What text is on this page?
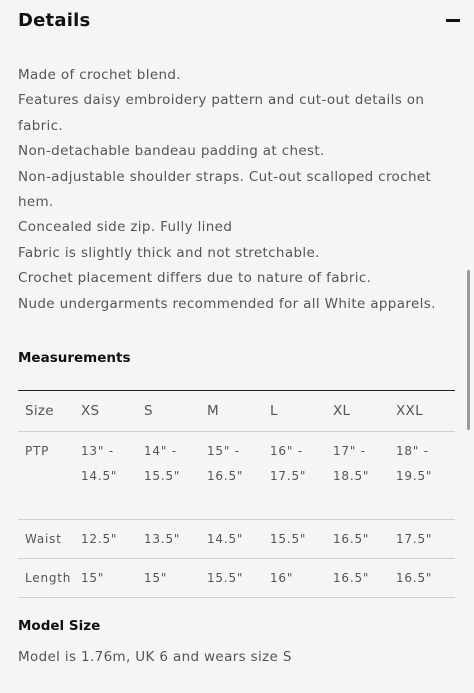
Details

Made of crochet blend.

Features daisy embroidery pattern and cut-out details on fabric.

Non-detachable bandeau padding at chest.

Non-adjustable shoulder straps. Cut-out scalloped crochet hem.

Concealed side zip. Fully lined

Fabric is slightly thick and not stretchable.

Crochet placement differs due to nature of fabric.

Nude undergarments recommended for all White apparels.

Measurements
Size	XS	S	M	L	XL	XXL
PTP	13" - 14.5"	14" - 15.5"	15" - 16.5"	16" - 17.5"	17" - 18.5"	18" - 19.5"
Waist	12.5"	13.5"	14.5"	15.5"	16.5"	17.5"
Length	15"	15"	15.5"	16"	16.5"	16.5"
Model Size
Model is 1.76m, UK 6 and wears size S
